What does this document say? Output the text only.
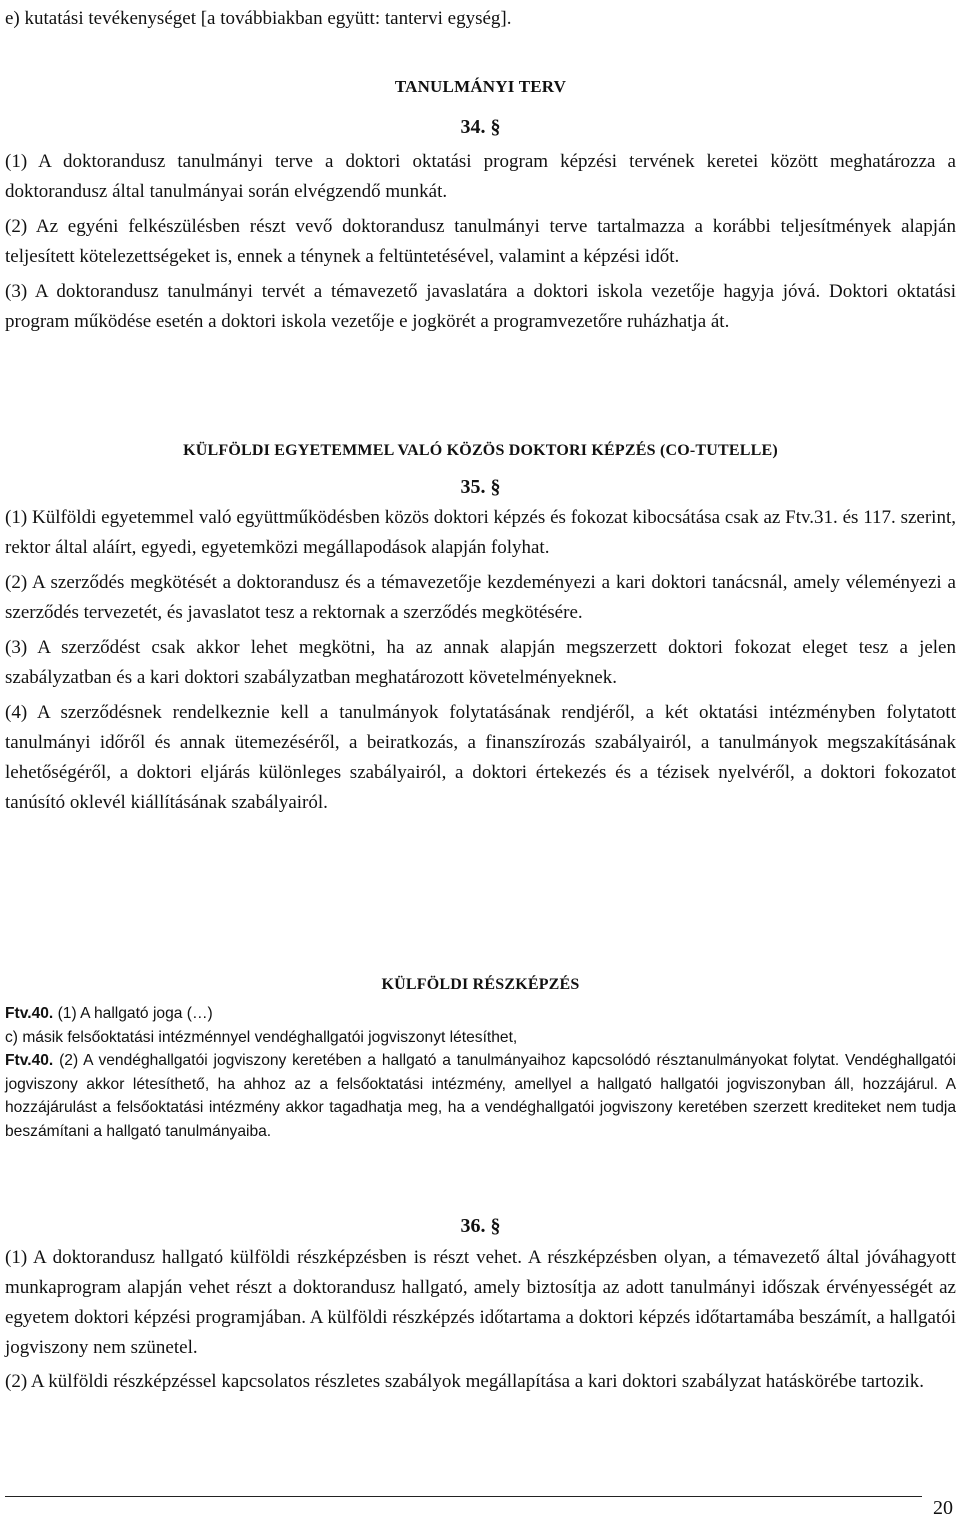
e) kutatási tevékenységet [a továbbiakban együtt: tantervi egység].
TANULMÁNYI TERV
34. §

(1) A doktorandusz tanulmányi terve a doktori oktatási program képzési tervének keretei között meghatározza a doktorandusz által tanulmányai során elvégzendő munkát.

(2) Az egyéni felkészülésben részt vevő doktorandusz tanulmányi terve tartalmazza a korábbi teljesítmények alapján teljesített kötelezettségeket is, ennek a ténynek a feltüntetésével, valamint a képzési időt.

(3) A doktorandusz tanulmányi tervét a témavezető javaslatára a doktori iskola vezetője hagyja jóvá. Doktori oktatási program működése esetén a doktori iskola vezetője e jogkörét a programvezetőre ruházhatja át.

KÜLFÖLDI EGYETEMMEL VALÓ KÖZÖS DOKTORI KÉPZÉS (CO-TUTELLE)
35. §

(1) Külföldi egyetemmel való együttműködésben közös doktori képzés és fokozat kibocsátása csak az Ftv.31. és 117. szerint, rektor által aláírt, egyedi, egyetemközi megállapodások alapján folyhat.

(2) A szerződés megkötését a doktorandusz és a témavezetője kezdeményezi a kari doktori tanácsnál, amely véleményezi a szerződés tervezetét, és javaslatot tesz a rektornak a szerződés megkötésére.

(3) A szerződést csak akkor lehet megkötni, ha az annak alapján megszerzett doktori fokozat eleget tesz a jelen szabályzatban és a kari doktori szabályzatban meghatározott követelményeknek.

(4) A szerződésnek rendelkeznie kell a tanulmányok folytatásának rendjéről, a két oktatási intézményben folytatott tanulmányi időről és annak ütemezéséről, a beiratkozás, a finanszírozás szabályairól, a tanulmányok megszakításának lehetőségéről, a doktori eljárás különleges szabályairól, a doktori értekezés és a tézisek nyelvéről, a doktori fokozatot tanúsító oklevél kiállításának szabályairól.

KÜLFÖLDI RÉSZKÉPZÉS

Ftv.40. (1) A hallgató joga (…)

c) másik felsőoktatási intézménnyel vendéghallgatói jogviszonyt létesíthet,

Ftv.40. (2) A vendéghallgatói jogviszony keretében a hallgató a tanulmányaihoz kapcsolódó résztanulmányokat folytat. Vendéghallgatói jogviszony akkor létesíthető, ha ahhoz az a felsőoktatási intézmény, amellyel a hallgató hallgatói jogviszonyban áll, hozzájárul. A hozzájárulást a felsőoktatási intézmény akkor tagadhatja meg, ha a vendéghallgatói jogviszony keretében szerzett krediteket nem tudja beszámítani a hallgató tanulmányaiba.

36. §

(1) A doktorandusz hallgató külföldi részképzésben is részt vehet. A részképzésben olyan, a témavezető által jóváhagyott munkaprogram alapján vehet részt a doktorandusz hallgató, amely biztosítja az adott tanulmányi időszak érvényességét az egyetem doktori képzési programjában. A külföldi részképzés időtartama a doktori képzés időtartamába beszámít, a hallgatói jogviszony nem szünetel.

(2) A külföldi részképzéssel kapcsolatos részletes szabályok megállapítása a kari doktori szabályzat hatáskörébe tartozik.

20
